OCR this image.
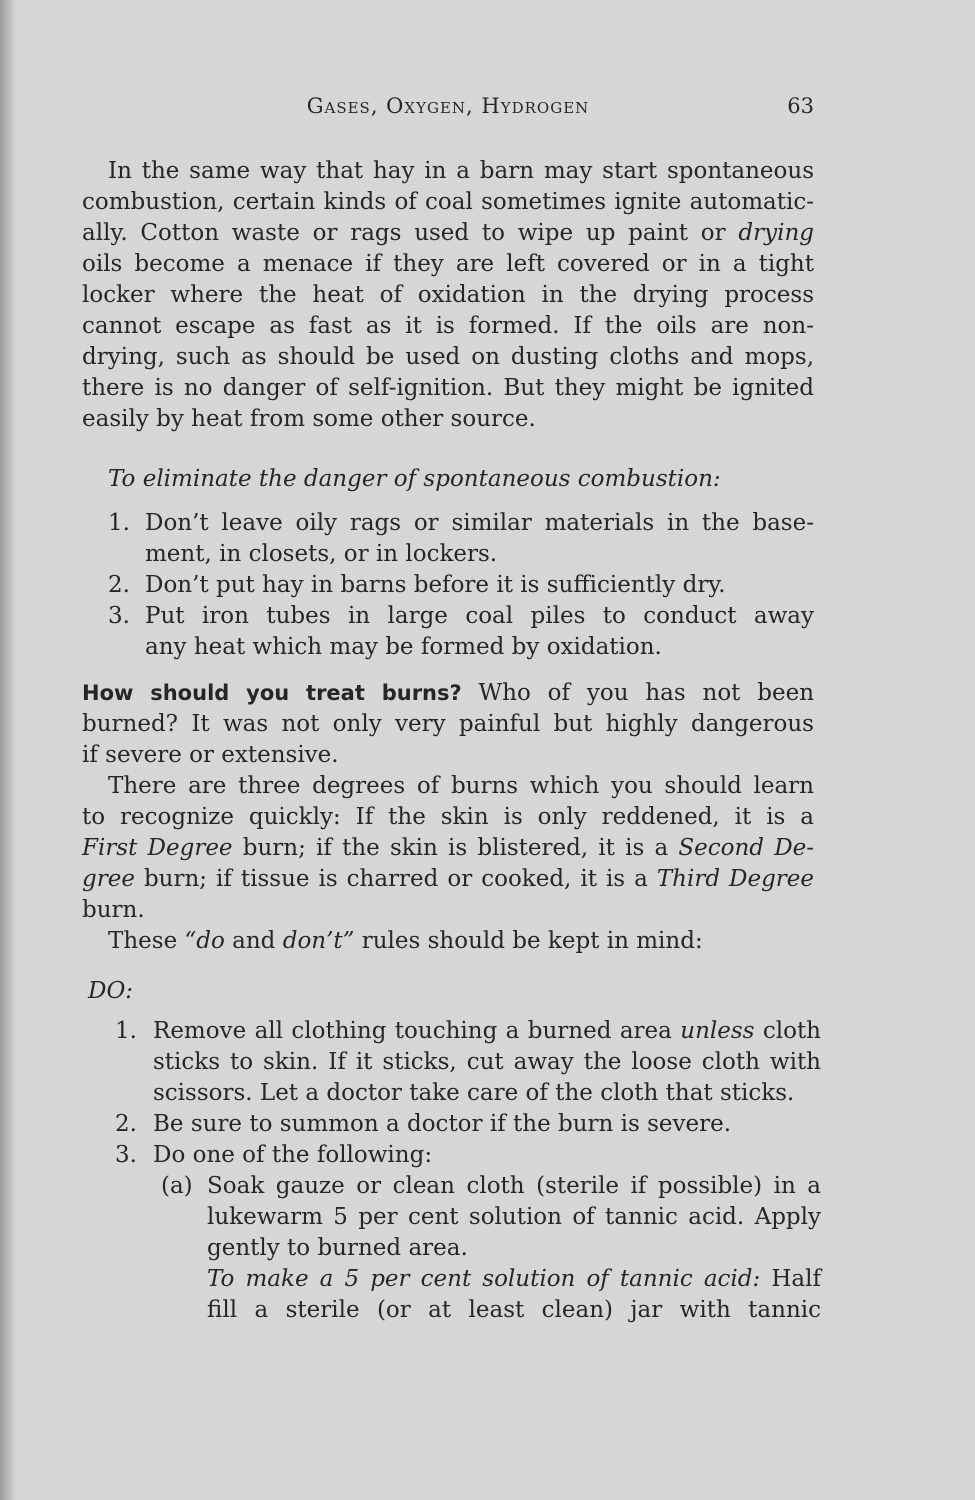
Gases, Oxygen, Hydrogen	63
In the same way that hay in a barn may start spontaneous
combustion, certain kinds of coal sometimes ignite automatic-
ally. Cotton waste or rags used to wipe up paint or drying
oils become a menace if they are left covered or in a tight
locker where the heat of oxidation in the drying process
cannot escape as fast as it is formed. If the oils are non-
drying, such as should be used on dusting cloths and mops,
there is no danger of self-ignition. But they might be ignited
easily by heat from some other source.
To eliminate the danger of spontaneous combustion:
1. Don’t leave oily rags or similar materials in the base-
ment, in closets, or in lockers.
2. Don’t put hay in barns before it is sufficiently dry.
3. Put iron tubes in large coal piles to conduct away
any heat which may be formed by oxidation.
How should you treat burns? Who of you has not been
burned? It was not only very painful but highly dangerous
if severe or extensive.
There are three degrees of burns which you should learn
to recognize quickly: If the skin is only reddened, it is a
First Degree burn; if the skin is blistered, it is a Second De-
gree burn; if tissue is charred or cooked, it is a Third Degree
burn.
These “do and don’t” rules should be kept in mind:
DO:
1. Remove all clothing touching a burned area unless cloth
sticks to skin. If it sticks, cut away the loose cloth with
scissors. Let a doctor take care of the cloth that sticks.
2. Be sure to summon a doctor if the burn is severe.
3. Do one of the following:
(a) Soak gauze or clean cloth (sterile if possible) in a
lukewarm 5 per cent solution of tannic acid. Apply
gently to burned area.
To make a 5 per cent solution of tannic acid: Half
fill a sterile (or at least clean) jar with tannic
